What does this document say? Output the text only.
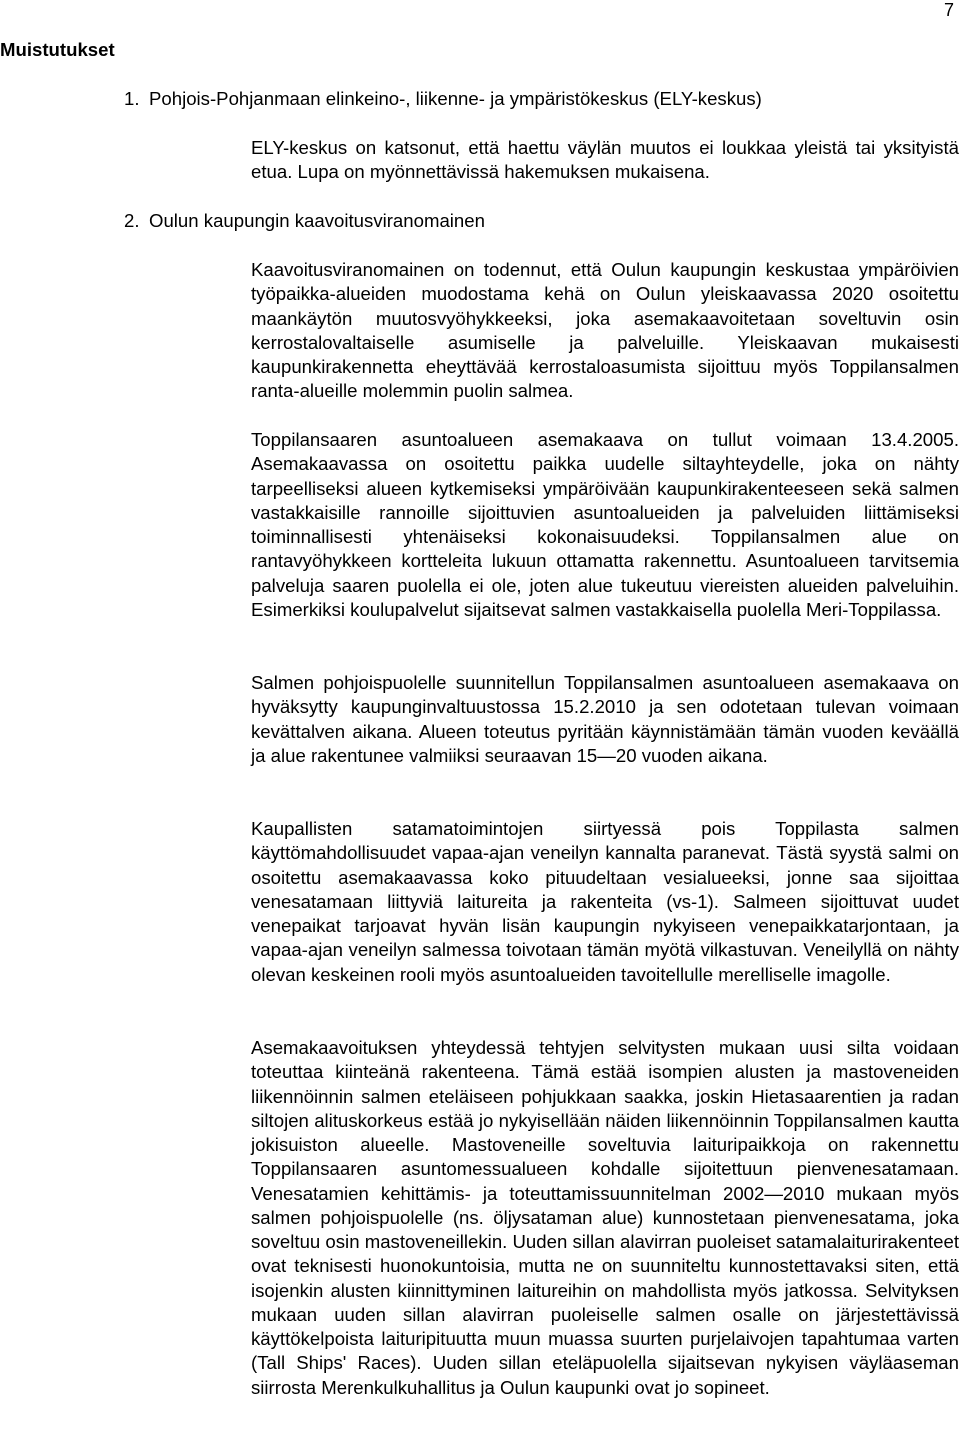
7
Muistutukset

1. Pohjois-Pohjanmaan elinkeino-, liikenne- ja ympäristökeskus (ELY-keskus)

ELY-keskus on katsonut, että haettu väylän muutos ei loukkaa yleistä tai yksityistä etua. Lupa on myönnettävissä hakemuksen mukaisena.

2. Oulun kaupungin kaavoitusviranomainen

Kaavoitusviranomainen on todennut, että Oulun kaupungin keskustaa ympäröivien työpaikka-alueiden muodostama kehä on Oulun yleiskaavassa 2020 osoitettu maankäytön muutosvyöhykkeeksi, joka asemakaavoitetaan soveltuvin osin kerrostalovaltaiselle asumiselle ja palveluille. Yleiskaavan mukaisesti kaupunkirakennetta eheyttävää kerrostaloasumista sijoittuu myös Toppilansalmen ranta-alueille molemmin puolin salmea.

Toppilansaaren asuntoalueen asemakaava on tullut voimaan 13.4.2005. Asemakaavassa on osoitettu paikka uudelle siltayhteydelle, joka on nähty tarpeelliseksi alueen kytkemiseksi ympäröivään kaupunkirakenteeseen sekä salmen vastakkaisille rannoille sijoittuvien asuntoalueiden ja palveluiden liittämiseksi toiminnallisesti yhtenäiseksi kokonaisuudeksi. Toppilansalmen alue on rantavyöhykkeen kortteleita lukuun ottamatta rakennettu. Asuntoalueen tarvitsemia palveluja saaren puolella ei ole, joten alue tukeutuu viereisten alueiden palveluihin. Esimerkiksi koulupalvelut sijaitsevat salmen vastakkaisella puolella Meri-Toppilassa.

Salmen pohjoispuolelle suunnitellun Toppilansalmen asuntoalueen asemakaava on hyväksytty kaupunginvaltuustossa 15.2.2010 ja sen odotetaan tulevan voimaan kevättalven aikana. Alueen toteutus pyritään käynnistämään tämän vuoden keväällä ja alue rakentunee valmiiksi seuraavan 15—20 vuoden aikana.

Kaupallisten satamatoimintojen siirtyessä pois Toppilasta salmen käyttömahdollisuudet vapaa-ajan veneilyn kannalta paranevat. Tästä syystä salmi on osoitettu asemakaavassa koko pituudeltaan vesialueeksi, jonne saa sijoittaa venesatamaan liittyviä laitureita ja rakenteita (vs-1). Salmeen sijoittuvat uudet venepaikat tarjoavat hyvän lisän kaupungin nykyiseen venepaikkatarjontaan, ja vapaa-ajan veneilyn salmessa toivotaan tämän myötä vilkastuvan. Veneilyllä on nähty olevan keskeinen rooli myös asuntoalueiden tavoitellulle merelliselle imagolle.

Asemakaavoituksen yhteydessä tehtyjen selvitysten mukaan uusi silta voidaan toteuttaa kiinteänä rakenteena. Tämä estää isompien alusten ja mastoveneiden liikennöinnin salmen eteläiseen pohjukkaan saakka, joskin Hietasaarentien ja radan siltojen alituskorkeus estää jo nykyisellään näiden liikennöinnin Toppilansalmen kautta jokisuiston alueelle. Mastoveneille soveltuvia laituripaikkoja on rakennettu Toppilansaaren asuntomessualueen kohdalle sijoitettuun pienvenesatamaan. Venesatamien kehittämis- ja toteuttamissuunnitelman 2002—2010 mukaan myös salmen pohjoispuolelle (ns. öljysataman alue) kunnostetaan pienvenesatama, joka soveltuu osin mastoveneillekin. Uuden sillan alavirran puoleiset satamalaiturirakenteet ovat teknisesti huonokuntoisia, mutta ne on suunniteltu kunnostettavaksi siten, että isojenkin alusten kiinnittyminen laitureihin on mahdollista myös jatkossa. Selvityksen mukaan uuden sillan alavirran puoleiselle salmen osalle on järjestettävissä käyttökelpoista laituripituutta muun muassa suurten purjelaivojen tapahtumaa varten (Tall Ships' Races). Uuden sillan eteläpuolella sijaitsevan nykyisen väyläaseman siirrosta Merenkulkuhallitus ja Oulun kaupunki ovat jo sopineet.
